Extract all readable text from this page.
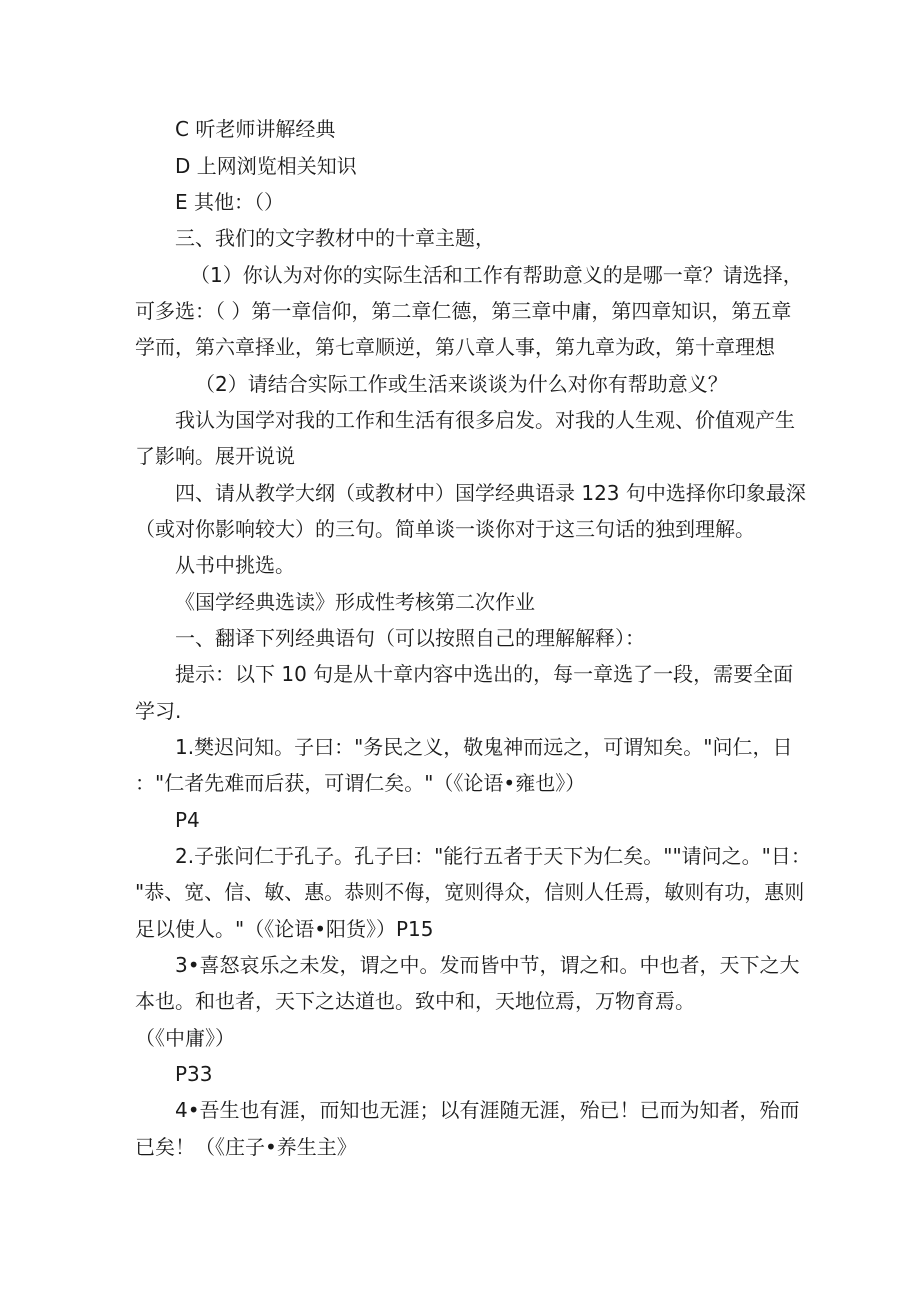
C 听老师讲解经典
D 上网浏览相关知识
E 其他：（）
三、我们的文字教材中的十章主题，
（1）你认为对你的实际生活和工作有帮助意义的是哪一章？请选择，
可多选：（ ）第一章信仰，第二章仁德，第三章中庸，第四章知识，第五章
学而，第六章择业，第七章顺逆，第八章人事，第九章为政，第十章理想
（2）请结合实际工作或生活来谈谈为什么对你有帮助意义？
我认为国学对我的工作和生活有很多启发。对我的人生观、价值观产生
了影响。展开说说
四、请从教学大纲（或教材中）国学经典语录 123 句中选择你印象最深
（或对你影响较大）的三句。简单谈一谈你对于这三句话的独到理解。
从书中挑选。
《国学经典选读》形成性考核第二次作业
一、翻译下列经典语句（可以按照自己的理解解释）：
提示：以下 10 句是从十章内容中选出的，每一章选了一段，需要全面
学习.
1.樊迟问知。子曰："务民之义，敬鬼神而远之，可谓知矣。"问仁，日
："仁者先难而后获，可谓仁矣。"（《论语•雍也》）
P4
2.子张问仁于孔子。孔子曰："能行五者于天下为仁矣。""请问之。"日：
"恭、宽、信、敏、惠。恭则不侮，宽则得众，信则人任焉，敏则有功，惠则
足以使人。"（《论语•阳货》）P15
3•喜怒哀乐之未发，谓之中。发而皆中节，谓之和。中也者，天下之大
本也。和也者，天下之达道也。致中和，天地位焉，万物育焉。
（《中庸》）
P33
4•吾生也有涯，而知也无涯；以有涯随无涯，殆已！已而为知者，殆而
已矣！（《庄子•养生主》
